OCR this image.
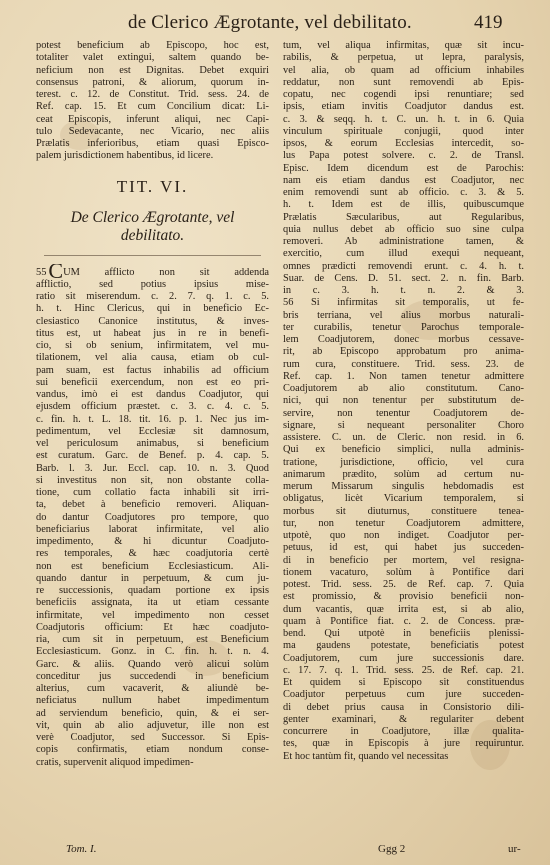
de Clerico Ægrotante, vel debilitato.	419
potest beneficium ab Episcopo, hoc est,
totaliter valet extingui, saltem quando be-
neficium non est Dignitas. Debet exquiri
consensus patroni, & aliorum, quorum in-
terest. c. 12. de Constitut. Trid. sess. 24. de
Ref. cap. 15. Et cum Concilium dicat: Li-
ceat Episcopis, inferunt aliqui, nec Capi-
tulo Sedevacante, nec Vicario, nec aliis
Prælatis inferioribus, etiam quasi Episco-
palem jurisdictionem habentibus, id licere.
TIT. VI.
De Clerico Ægrotante, vel
debilitato.
55CUM afflicto non sit addenda
afflictio, sed potius ipsius mise-
ratio sit miserendum. c. 2. 7. q. 1. c. 5.
h. t. Hinc Clericus, qui in beneficio Ec-
clesiastico Canonice institutus, & inves-
titus est, ut habeat jus in re in benefi-
cio, si ob senium, infirmitatem, vel mu-
tilationem, vel alia causa, etiam ob cul-
pam suam, est factus inhabilis ad officium
sui beneficii exercendum, non est eo pri-
vandus, imò ei est dandus Coadjutor, qui
ejusdem officium præstet. c. 3. c. 4. c. 5.
c. fin. h. t. L. 18. tit. 16. p. 1. Nec jus im-
pedimentum, vel Ecclesiæ sit damnosum,
vel periculosum animabus, si beneficium
est curatum. Garc. de Benef. p. 4. cap. 5.
Barb. l. 3. Jur. Eccl. cap. 10. n. 3. Quod
si investitus non sit, non obstante colla-
tione, cum collatio facta inhabili sit irri-
ta, debet à beneficio removeri. Aliquan-
do dantur Coadjutores pro tempore, quo
beneficiarius laborat infirmitate, vel alio
impedimento, & hi dicuntur Coadjuto-
res temporales, & hæc coadjutoria certè
non est beneficium Ecclesiasticum. Ali-
quando dantur in perpetuum, & cum ju-
re successionis, quadam portione ex ipsis
beneficiis assignata, ita ut etiam cessante
infirmitate, vel impedimento non cesset
Coadjutoris officium: Et hæc coadjuto-
ria, cum sit in perpetuum, est Beneficium
Ecclesiasticum. Gonz. in C. fin. h. t. n. 4.
Garc. & aliis. Quando verò alicui solùm
conceditur jus succedendi in beneficium
alterius, cum vacaverit, & aliundè be-
neficiatus nullum habet impedimentum
ad serviendum beneficio, quin, & ei ser-
vit, quin ab alio adjuvetur, ille non est
verè Coadjutor, sed Successor. Si Epis-
copis confirmatis, etiam nondum conse-
cratis, supervenit aliquod impedimen-
tum, vel aliqua infirmitas, quæ sit incu-
rabilis, & perpetua, ut lepra, paralysis,
vel alia, ob quam ad officium inhabiles
reddatur, non sunt removendi ab Epis-
copatu, nec cogendi ipsi renuntiare; sed
ipsis, etiam invitis Coadjutor dandus est.
c. 3. & seqq. h. t. C. un. h. t. in 6. Quia
vinculum spirituale conjugii, quod inter
ipsos, & eorum Ecclesias intercedit, so-
lus Papa potest solvere. c. 2. de Transl.
Episc. Idem dicendum est de Parochis:
nam eis etiam dandus est Coadjutor, nec
enim removendi sunt ab officio. c. 3. & 5.
h. t. Idem est de illis, quibuscumque
Prælatis Sæcularibus, aut Regularibus,
quia nullus debet ab officio suo sine culpa
removeri. Ab administratione tamen, &
exercitio, cum illud exequi nequeant,
omnes prædicti removendi erunt. c. 4. h. t.
Suar. de Cens. D. 51. sect. 2. n. fin. Barb.
in c. 3. h. t. n. 2. & 3.
56 Si infirmitas sit temporalis, ut fe-
bris terriana, vel alius morbus naturali-
ter curabilis, tenetur Parochus temporale-
lem Coadjutorem, donec morbus cessave-
rit, ab Episcopo approbatum pro anima-
rum cura, constituere. Trid. sess. 23. de
Ref. cap. 1. Non tamen tenetur admittere
Coadjutorem ab alio constitutum. Cano-
nici, qui non tenentur per substitutum de-
servire, non tenentur Coadjutorem de-
signare, si nequeant personaliter Choro
assistere. C. un. de Cleric. non resid. in 6.
Qui ex beneficio simplici, nulla adminis-
tratione, jurisdictione, officio, vel cura
animarum prædito, solùm ad certum nu-
merum Missarum singulis hebdomadis est
obligatus, licèt Vicarium temporalem, si
morbus sit diuturnus, constituere tenea-
tur, non tenetur Coadjutorem admittere,
utpotè, quo non indiget. Coadjutor per-
petuus, id est, qui habet jus succeden-
di in beneficio per mortem, vel resigna-
tionem vacaturo, solùm à Pontifice dari
potest. Trid. sess. 25. de Ref. cap. 7. Quia
est promissio, & provisio beneficii non-
dum vacantis, quæ irrita est, si ab alio,
quam à Pontifice fiat. c. 2. de Concess. præ-
bend. Qui utpotè in beneficiis plenissi-
ma gaudens potestate, beneficiatis potest
Coadjutorem, cum jure successionis dare.
c. 17. 7. q. 1. Trid. sess. 25. de Ref. cap. 21.
Et quidem si Episcopo sit constituendus
Coadjutor perpetuus cum jure succeden-
di debet prius causa in Consistorio dili-
genter examinari, & regulariter debent
concurrere in Coadjutore, illæ qualita-
tes, quæ in Episcopis à jure requiruntur.
Et hoc tantùm fit, quando vel necessitas
Tom. I.	Ggg 2	ur-
